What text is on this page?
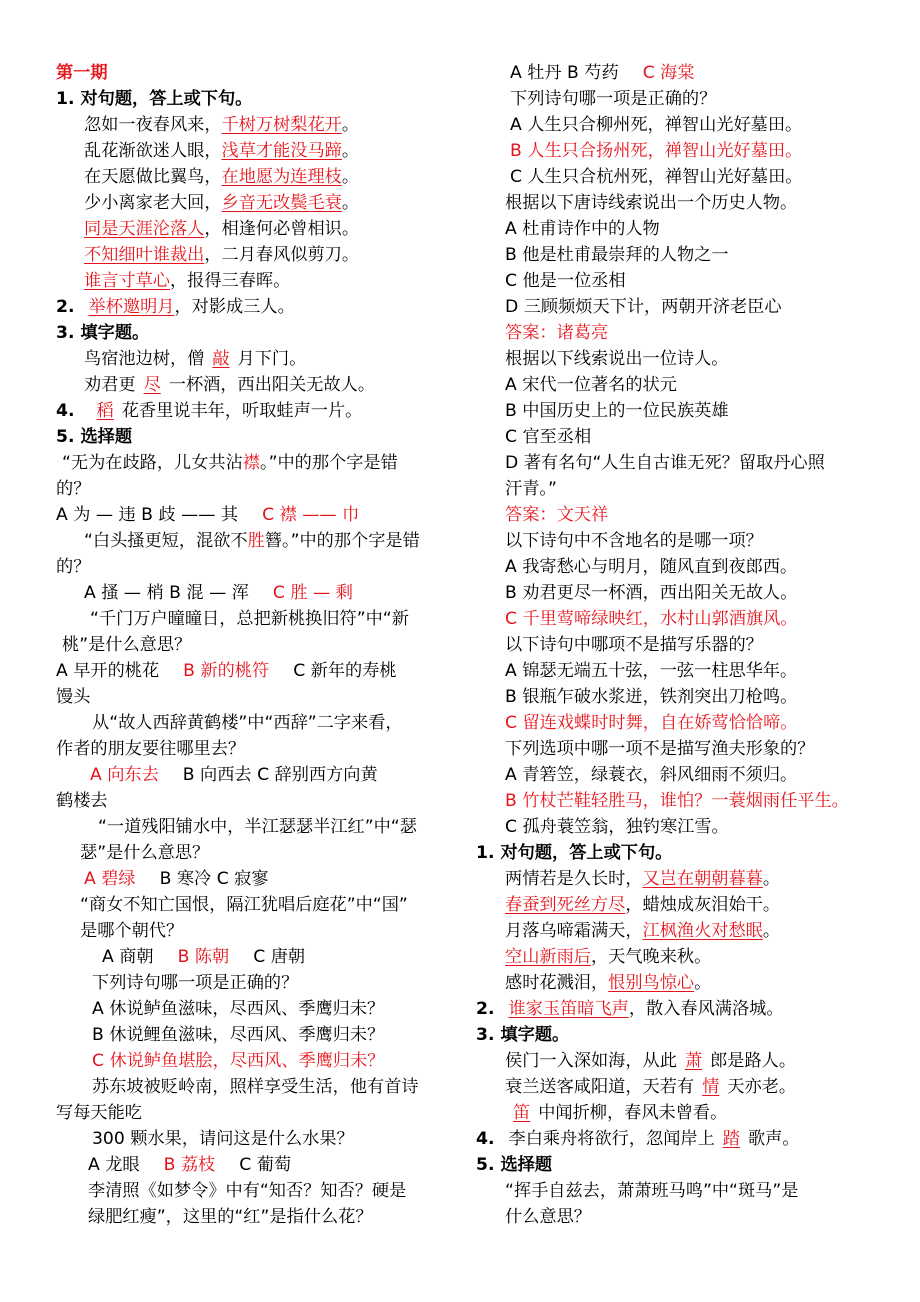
第一期
1. 对句题，答上或下句。
忽如一夜春风来，千树万树梨花开。
乱花渐欲迷人眼，浅草才能没马蹄。
在天愿做比翼鸟，在地愿为连理枝。
少小离家老大回，乡音无改鬓毛衰。
同是天涯沦落人，相逢何必曾相识。
不知细叶谁裁出，二月春风似剪刀。
谁言寸草心，报得三春晖。
2. 举杯邀明月，对影成三人。
3. 填字题。
鸟宿池边树，僧 敲 月下门。
劝君更 尽 一杯酒，西出阳关无故人。
4. 稻 花香里说丰年，听取蛙声一片。
5. 选择题
“无为在歧路，儿女共沾襟。”中的那个字是错
的？
A 为 — 违 B 歧 —— 其 C 襟 —— 巾
“白头搔更短，混欲不胜簪。”中的那个字是错
的？
A 搔 — 梢 B 混 — 浑 C 胜 — 剩
“千门万户曈曈日，总把新桃换旧符”中“新
桃”是什么意思？
A 早开的桃花 B 新的桃符 C 新年的寿桃
馒头
从“故人西辞黄鹤楼”中“西辞”二字来看，
作者的朋友要往哪里去？
A 向东去 B 向西去 C 辞别西方向黄
鹤楼去
“一道残阳铺水中，半江瑟瑟半江红”中“瑟
瑟”是什么意思？
A 碧绿 B 寒冷 C 寂寥
“商女不知亡国恨，隔江犹唱后庭花”中“国”
是哪个朝代？
A 商朝 B 陈朝 C 唐朝
下列诗句哪一项是正确的？
A 休说鲈鱼滋味，尽西风、季鹰归未？
B 休说鲤鱼滋味，尽西风、季鹰归未？
C 休说鲈鱼堪脍，尽西风、季鹰归未？
苏东坡被贬岭南，照样享受生活，他有首诗
写每天能吃
300 颗水果，请问这是什么水果？
A 龙眼 B 荔枝 C 葡萄
李清照《如梦令》中有“知否？知否？硬是
绿肥红瘦”，这里的“红”是指什么花？
A 牡丹 B 芍药 C 海棠
下列诗句哪一项是正确的？
A 人生只合柳州死，禅智山光好墓田。
B 人生只合扬州死，禅智山光好墓田。
C 人生只合杭州死，禅智山光好墓田。
根据以下唐诗线索说出一个历史人物。
A 杜甫诗作中的人物
B 他是杜甫最崇拜的人物之一
C 他是一位丞相
D 三顾频烦天下计，两朝开济老臣心
答案：诸葛亮
根据以下线索说出一位诗人。
A 宋代一位著名的状元
B 中国历史上的一位民族英雄
C 官至丞相
D 著有名句“人生自古谁无死？留取丹心照
汗青。”
答案：文天祥
以下诗句中不含地名的是哪一项？
A 我寄愁心与明月，随风直到夜郎西。
B 劝君更尽一杯酒，西出阳关无故人。
C 千里莺啼绿映红，水村山郭酒旗风。
以下诗句中哪项不是描写乐器的？
A 锦瑟无端五十弦，一弦一柱思华年。
B 银瓶乍破水浆迸，铁剂突出刀枪鸣。
C 留连戏蝶时时舞，自在娇莺恰恰啼。
下列选项中哪一项不是描写渔夫形象的？
A 青箬笠，绿蓑衣，斜风细雨不须归。
B 竹杖芒鞋轻胜马，谁怕？一蓑烟雨任平生。
C 孤舟蓑笠翁，独钓寒江雪。
1. 对句题，答上或下句。
两情若是久长时，又岂在朝朝暮暮。
春蚕到死丝方尽，蜡烛成灰泪始干。
月落乌啼霜满天，江枫渔火对愁眠。
空山新雨后，天气晚来秋。
感时花溅泪，恨别鸟惊心。
2. 谁家玉笛暗飞声，散入春风满洛城。
3. 填字题。
侯门一入深如海，从此 萧 郎是路人。
衰兰送客咸阳道，天若有 情 天亦老。
笛 中闻折柳，春风未曾看。
4. 李白乘舟将欲行，忽闻岸上 踏 歌声。
5. 选择题
“挥手自兹去，萧萧班马鸣”中“斑马”是
什么意思？
